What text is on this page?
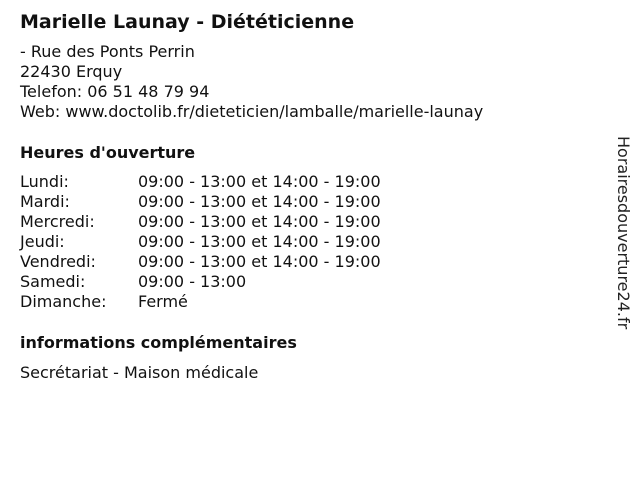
Marielle Launay - Diététicienne
- Rue des Ponts Perrin
22430 Erquy
Telefon: 06 51 48 79 94
Web: www.doctolib.fr/dieteticien/lamballe/marielle-launay
Heures d'ouverture
Lundi:	09:00 - 13:00 et 14:00 - 19:00
Mardi:	09:00 - 13:00 et 14:00 - 19:00
Mercredi:	09:00 - 13:00 et 14:00 - 19:00
Jeudi:	09:00 - 13:00 et 14:00 - 19:00
Vendredi:	09:00 - 13:00 et 14:00 - 19:00
Samedi:	09:00 - 13:00
Dimanche:	Fermé
informations complémentaires
Secrétariat - Maison médicale
Horairesdouverture24.fr
